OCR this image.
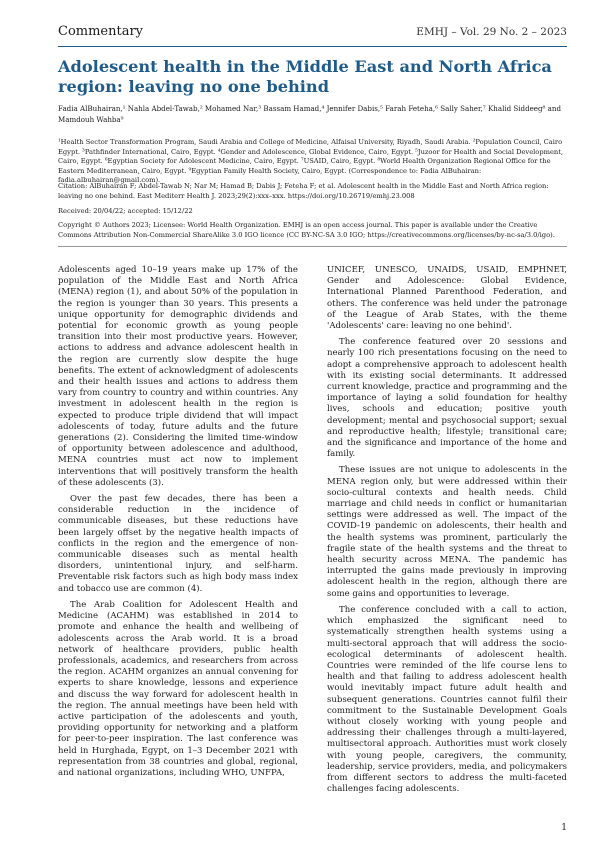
Commentary	EMHJ – Vol. 29 No. 2 – 2023
Adolescent health in the Middle East and North Africa region: leaving no one behind
Fadia AlBuhairan,¹ Nahla Abdel-Tawab,² Mohamed Nar,³ Bassam Hamad,⁴ Jennifer Dabis,⁵ Farah Feteha,⁶ Sally Saher,⁷ Khalid Siddeeg⁸ and Mamdouh Wahba⁹
¹Health Sector Transformation Program, Saudi Arabia and College of Medicine, Alfaisal University, Riyadh, Saudi Arabia. ²Population Council, Cairo Egypt. ³Pathfinder International, Cairo, Egypt. ⁴Gender and Adolescence, Global Evidence, Cairo, Egypt. ⁵Juzoor for Health and Social Development, Cairo, Egypt. ⁶Egyptian Society for Adolescent Medicine, Cairo, Egypt. ⁷USAID, Cairo, Egypt. ⁸World Health Organization Regional Office for the Eastern Mediterranean, Cairo, Egypt. ⁹Egyptian Family Health Society, Cairo, Egypt. (Correspondence to: Fadia AlBuhairan: fadia.albuhairan@gmail.com).
Citation: AlBuhairan F; Abdel-Tawab N; Nar M; Hamad B; Dabis J; Feteha F; et al. Adolescent health in the Middle East and North Africa region: leaving no one behind. East Mediterr Health J. 2023;29(2):xxx–xxx. https://doi.org/10.26719/emhj.23.008
Received: 20/04/22; accepted: 15/12/22
Copyright © Authors 2023; Licensee: World Health Organization. EMHJ is an open access journal. This paper is available under the Creative Commons Attribution Non-Commercial ShareAlike 3.0 IGO licence (CC BY-NC-SA 3.0 IGO; https://creativecommons.org/licenses/by-nc-sa/3.0/igo).

Adolescents aged 10–19 years make up 17% of the population of the Middle East and North Africa (MENA) region (1), and about 50% of the population in the region is younger than 30 years. This presents a unique opportunity for demographic dividends and potential for economic growth as young people transition into their most productive years. However, actions to address and advance adolescent health in the region are currently slow despite the huge benefits. The extent of acknowledgment of adolescents and their health issues and actions to address them vary from country to country and within countries. Any investment in adolescent health in the region is expected to produce triple dividend that will impact adolescents of today, future adults and the future generations (2). Considering the limited time-window of opportunity between adolescence and adulthood, MENA countries must act now to implement interventions that will positively transform the health of these adolescents (3).

Over the past few decades, there has been a considerable reduction in the incidence of communicable diseases, but these reductions have been largely offset by the negative health impacts of conflicts in the region and the emergence of non-communicable diseases such as mental health disorders, unintentional injury, and self-harm. Preventable risk factors such as high body mass index and tobacco use are common (4).

The Arab Coalition for Adolescent Health and Medicine (ACAHM) was established in 2014 to promote and enhance the health and wellbeing of adolescents across the Arab world. It is a broad network of healthcare providers, public health professionals, academics, and researchers from across the region. ACAHM organizes an annual convening for experts to share knowledge, lessons and experience and discuss the way forward for adolescent health in the region. The annual meetings have been held with active participation of the adolescents and youth, providing opportunity for networking and a platform for peer-to-peer inspiration. The last conference was held in Hurghada, Egypt, on 1–3 December 2021 with representation from 38 countries and global, regional, and national organizations, including WHO, UNFPA,

UNICEF, UNESCO, UNAIDS, USAID, EMPHNET, Gender and Adolescence: Global Evidence, International Planned Parenthood Federation, and others. The conference was held under the patronage of the League of Arab States, with the theme 'Adolescents' care: leaving no one behind'.

The conference featured over 20 sessions and nearly 100 rich presentations focusing on the need to adopt a comprehensive approach to adolescent health with its existing social determinants. It addressed current knowledge, practice and programming and the importance of laying a solid foundation for healthy lives, schools and education; positive youth development; mental and psychosocial support; sexual and reproductive health; lifestyle; transitional care; and the significance and importance of the home and family.

These issues are not unique to adolescents in the MENA region only, but were addressed within their socio-cultural contexts and health needs. Child marriage and child needs in conflict or humanitarian settings were addressed as well. The impact of the COVID-19 pandemic on adolescents, their health and the health systems was prominent, particularly the fragile state of the health systems and the threat to health security across MENA. The pandemic has interrupted the gains made previously in improving adolescent health in the region, although there are some gains and opportunities to leverage.

The conference concluded with a call to action, which emphasized the significant need to systematically strengthen health systems using a multi-sectoral approach that will address the socio-ecological determinants of adolescent health. Countries were reminded of the life course lens to health and that failing to address adolescent health would inevitably impact future adult health and subsequent generations. Countries cannot fulfil their commitment to the Sustainable Development Goals without closely working with young people and addressing their challenges through a multi-layered, multisectoral approach. Authorities must work closely with young people, caregivers, the community, leadership, service providers, media, and policymakers from different sectors to address the multi-faceted challenges facing adolescents.

1
